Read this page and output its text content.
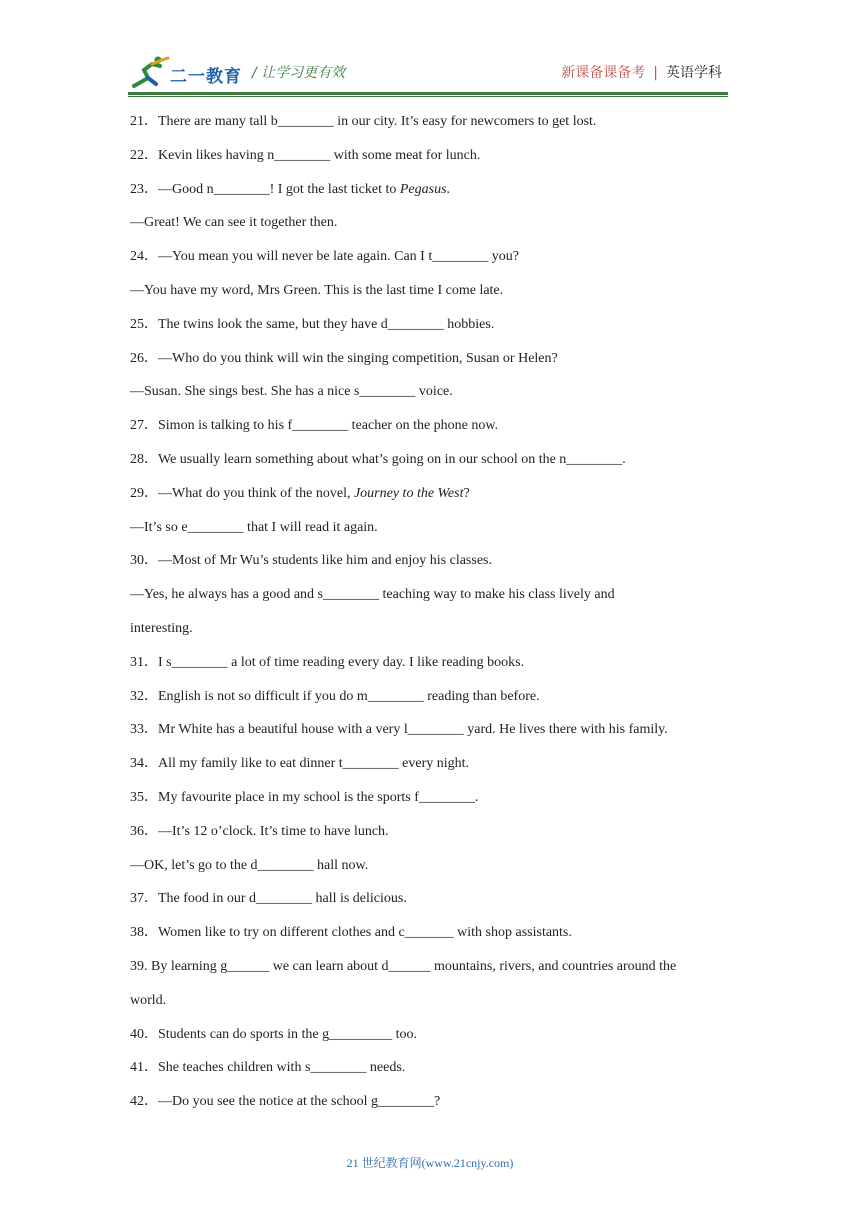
二一教育 / 让学习更有效	新课备课备考 | 英语学科
21．There are many tall b________ in our city. It’s easy for newcomers to get lost.
22．Kevin likes having n________ with some meat for lunch.
23．—Good n________! I got the last ticket to Pegasus.
—Great! We can see it together then.
24．—You mean you will never be late again. Can I t________ you?
—You have my word, Mrs Green. This is the last time I come late.
25．The twins look the same, but they have d________ hobbies.
26．—Who do you think will win the singing competition, Susan or Helen?
—Susan. She sings best. She has a nice s________ voice.
27．Simon is talking to his f________ teacher on the phone now.
28．We usually learn something about what’s going on in our school on the n________.
29．—What do you think of the novel, Journey to the West?
—It’s so e________ that I will read it again.
30．—Most of Mr Wu’s students like him and enjoy his classes.
—Yes, he always has a good and s________ teaching way to make his class lively and
interesting.
31．I s________ a lot of time reading every day. I like reading books.
32．English is not so difficult if you do m________ reading than before.
33．Mr White has a beautiful house with a very l________ yard. He lives there with his family.
34．All my family like to eat dinner t________ every night.
35．My favourite place in my school is the sports f________.
36．—It’s 12 o’clock. It’s time to have lunch.
—OK, let’s go to the d________ hall now.
37．The food in our d________ hall is delicious.
38．Women like to try on different clothes and c_______ with shop assistants.
39. By learning g______ we can learn about d______ mountains, rivers, and countries around the
world.
40．Students can do sports in the g_________ too.
41．She teaches children with s________ needs.
42．—Do you see the notice at the school g________?
21 世纪教育网(www.21cnjy.com)
